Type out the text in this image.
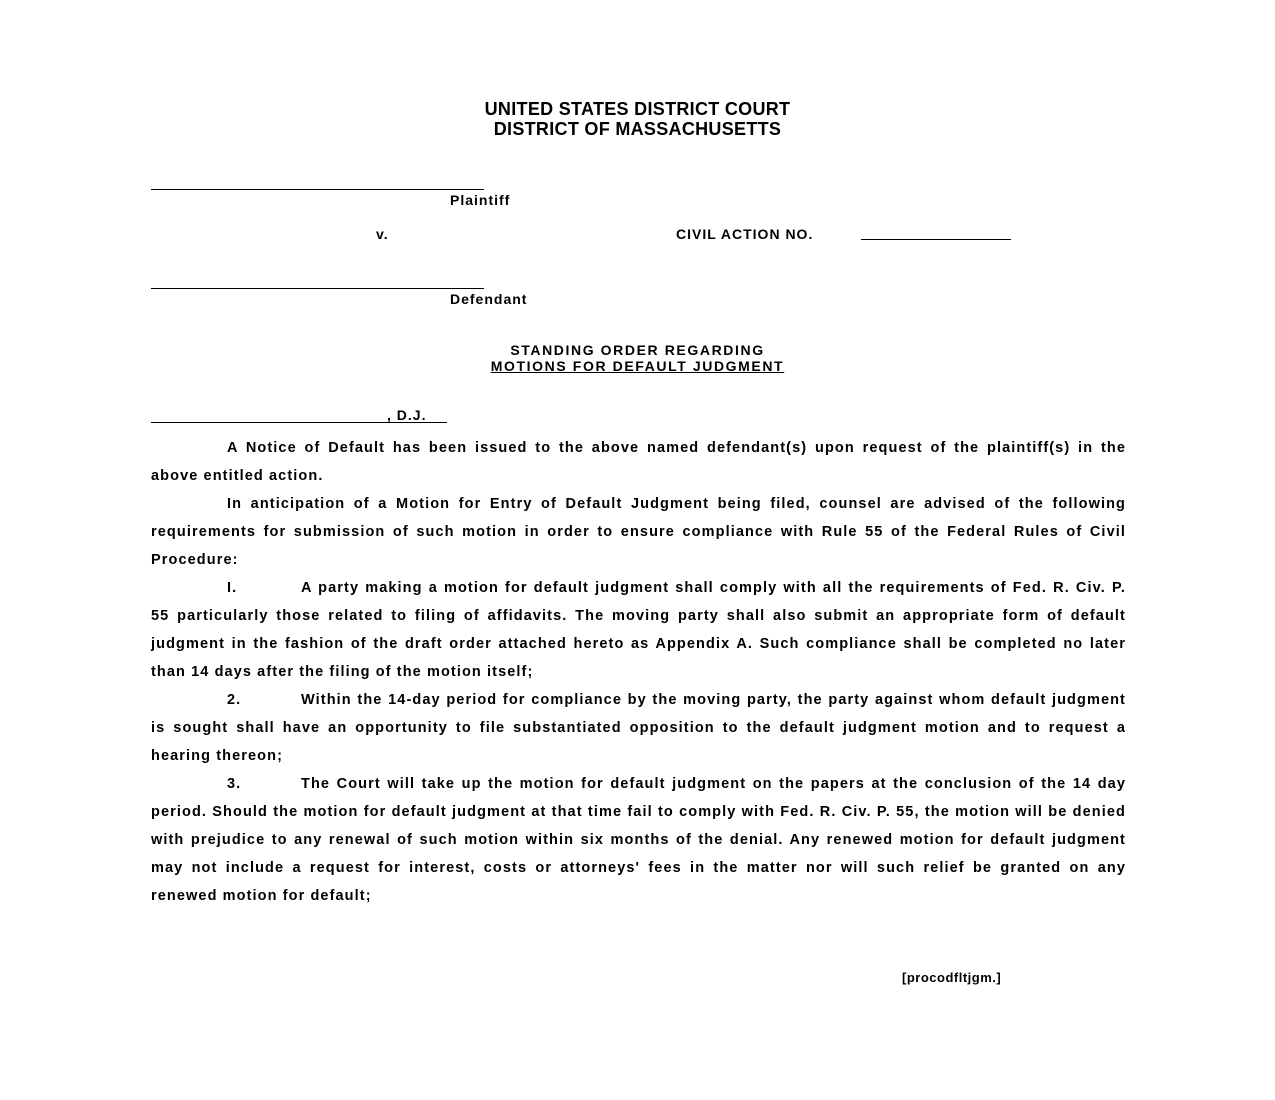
UNITED STATES DISTRICT COURT
DISTRICT OF MASSACHUSETTS
Plaintiff
v.	CIVIL ACTION NO.
Defendant
STANDING ORDER REGARDING
MOTIONS FOR DEFAULT JUDGMENT
, D.J.
A Notice of Default has been issued to the above named defendant(s) upon request of the plaintiff(s) in the above entitled action.
In anticipation of a Motion for Entry of Default Judgment being filed, counsel are advised of the following requirements for submission of such motion in order to ensure compliance with Rule 55 of the Federal Rules of Civil Procedure:
I.	A party making a motion for default judgment shall comply with all the requirements of Fed. R. Civ. P. 55 particularly those related to filing of affidavits. The moving party shall also submit an appropriate form of default judgment in the fashion of the draft order attached hereto as Appendix A. Such compliance shall be completed no later than 14 days after the filing of the motion itself;
2.	Within the 14-day period for compliance by the moving party, the party against whom default judgment is sought shall have an opportunity to file substantiated opposition to the default judgment motion and to request a hearing thereon;
3.	The Court will take up the motion for default judgment on the papers at the conclusion of the 14 day period. Should the motion for default judgment at that time fail to comply with Fed. R. Civ. P. 55, the motion will be denied with prejudice to any renewal of such motion within six months of the denial. Any renewed motion for default judgment may not include a request for interest, costs or attorneys' fees in the matter nor will such relief be granted on any renewed motion for default;
[procodfltjgm.]
